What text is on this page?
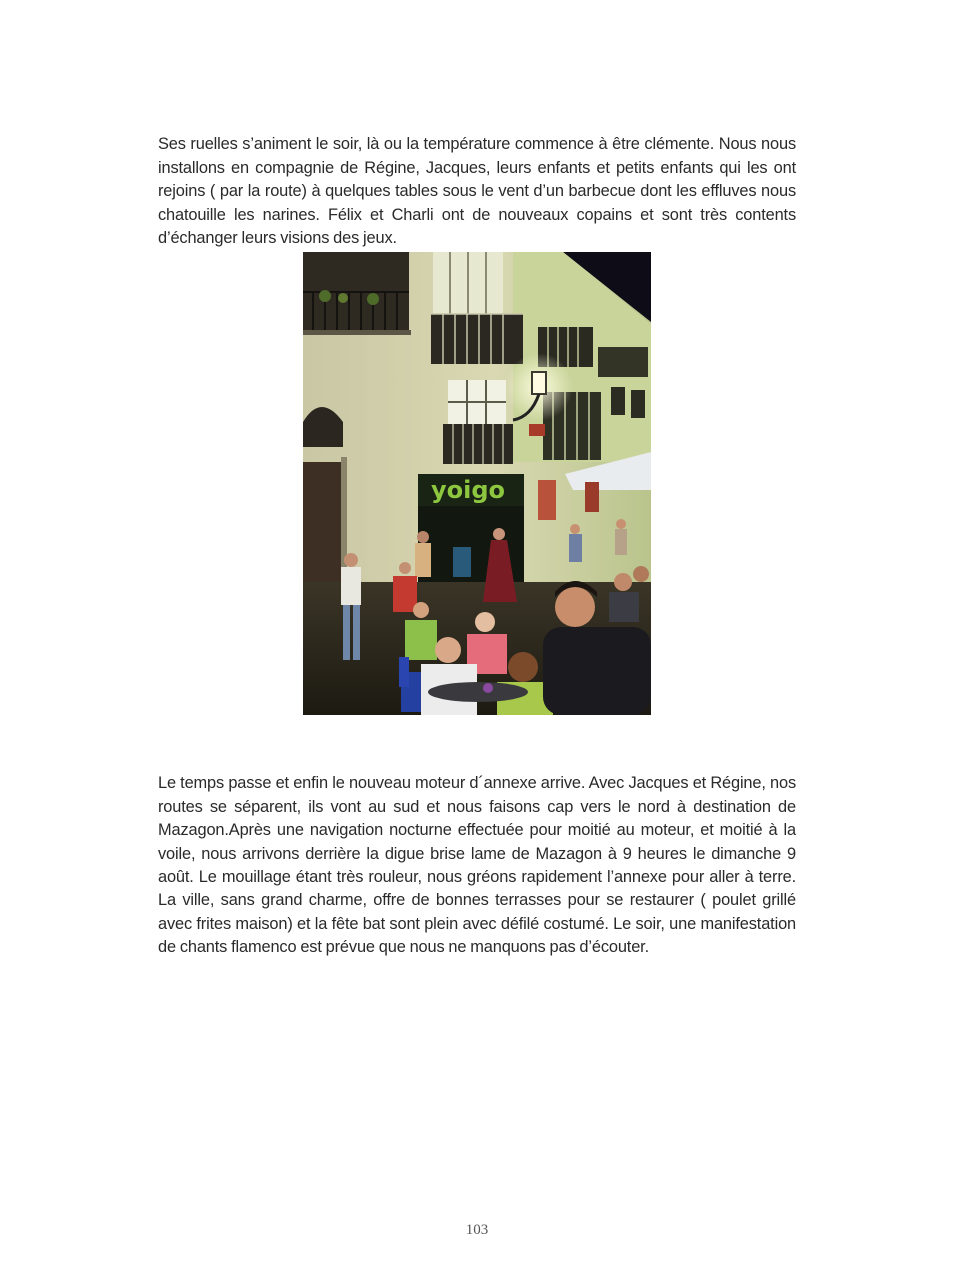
Ses ruelles s’animent le soir, là ou la température commence à être clémente. Nous nous installons en compagnie de Régine, Jacques, leurs enfants et petits enfants qui les ont rejoins ( par la route) à quelques tables sous le vent d’un barbecue dont les effluves nous chatouille les narines. Félix et Charli ont de nouveaux copains et sont très contents d’échanger leurs visions des jeux.

yoigo

Le temps passe et enfin le nouveau moteur d´annexe arrive. Avec Jacques et Régine, nos routes se séparent, ils vont au sud et nous faisons cap vers le nord à destination de Mazagon.Après une navigation nocturne effectuée pour moitié au moteur, et moitié à la voile, nous arrivons derrière la digue brise lame de Mazagon à 9 heures le dimanche 9 août. Le mouillage étant très rouleur, nous gréons rapidement l’annexe pour aller à terre. La ville, sans grand charme, offre de bonnes terrasses pour se restaurer ( poulet grillé avec frites maison) et la fête bat sont plein avec défilé costumé. Le soir, une manifestation de chants flamenco est prévue que nous ne manquons pas d’écouter.

103
